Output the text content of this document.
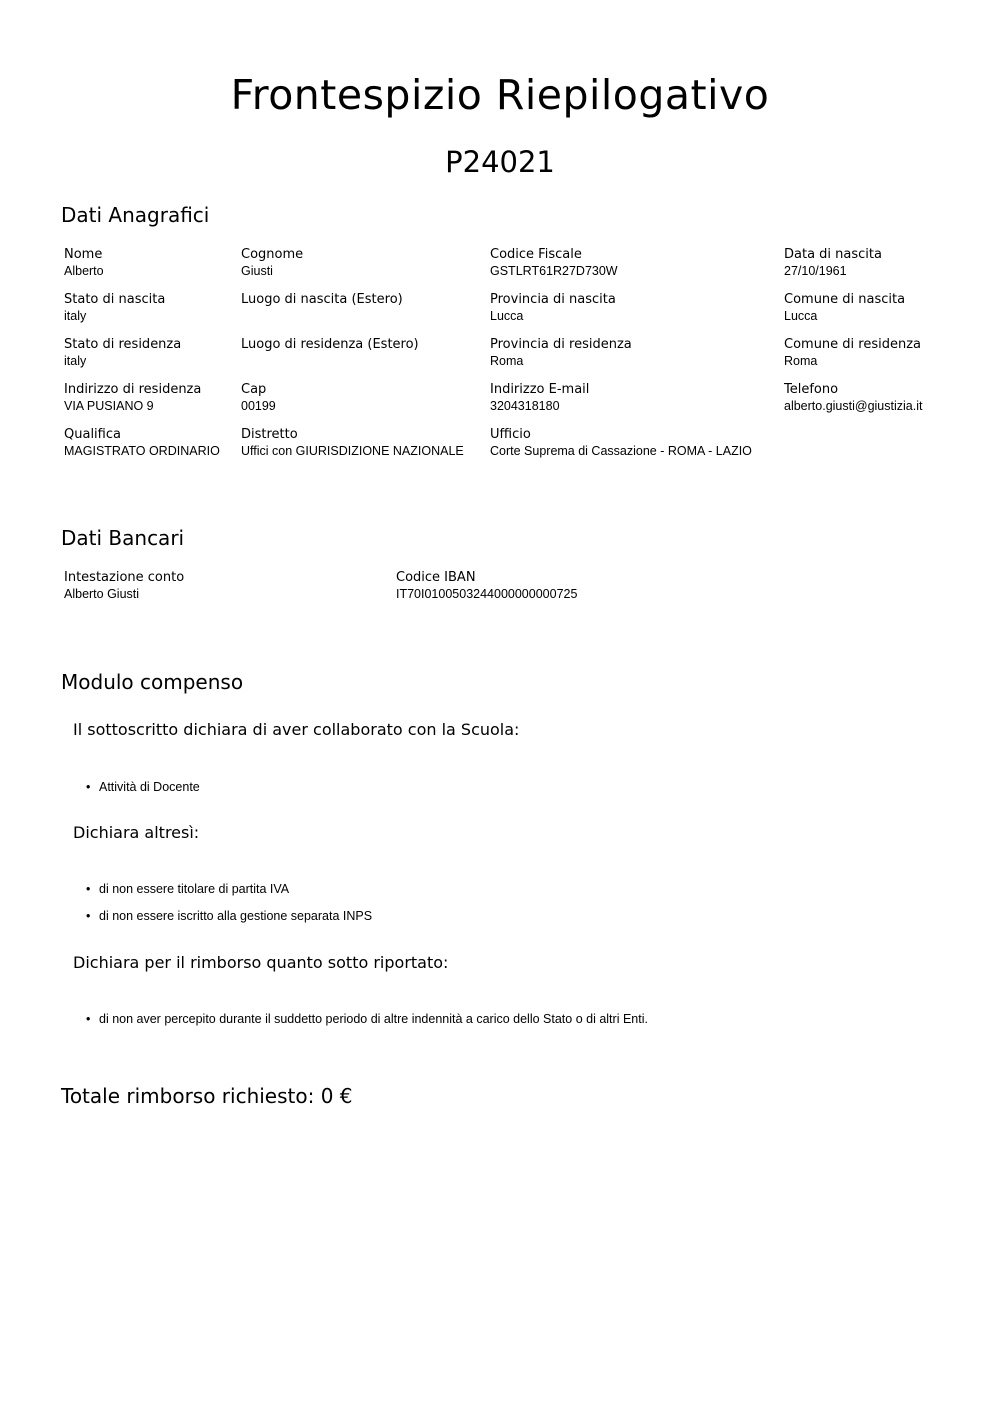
Frontespizio Riepilogativo
P24021
Dati Anagrafici
Nome
Alberto
Cognome
Giusti
Codice Fiscale
GSTLRT61R27D730W
Data di nascita
27/10/1961
Stato di nascita
italy
Luogo di nascita (Estero)	Provincia di nascita
Lucca
Comune di nascita
Lucca
Stato di residenza
italy
Luogo di residenza (Estero)	Provincia di residenza
Roma
Comune di residenza
Roma
Indirizzo di residenza
VIA PUSIANO 9
Cap
00199
Indirizzo E-mail
3204318180
Telefono
alberto.giusti@giustizia.it
Qualifica
MAGISTRATO ORDINARIO
Distretto
Uffici con GIURISDIZIONE NAZIONALE
Ufficio
Corte Suprema di Cassazione - ROMA - LAZIO
Dati Bancari
Intestazione conto
Alberto Giusti
Codice IBAN
IT70I0100503244000000000725
Modulo compenso
Il sottoscritto dichiara di aver collaborato con la Scuola:
• Attività di Docente
Dichiara altresì:
• di non essere titolare di partita IVA
• di non essere iscritto alla gestione separata INPS
Dichiara per il rimborso quanto sotto riportato:
• di non aver percepito durante il suddetto periodo di altre indennità a carico dello Stato o di altri Enti.
Totale rimborso richiesto: 0 €
